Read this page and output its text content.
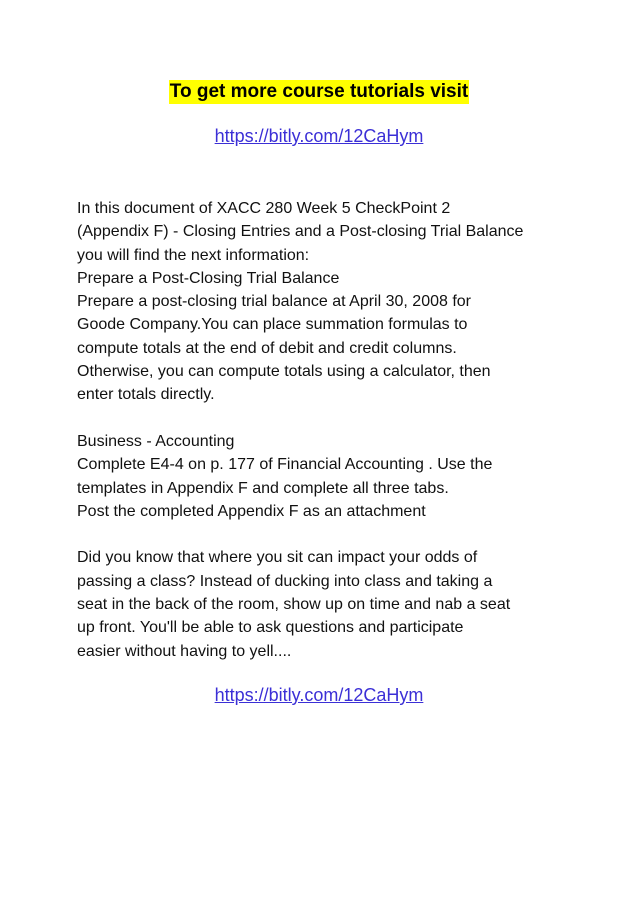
To get more course tutorials visit
https://bitly.com/12CaHym
In this document of XACC 280 Week 5 CheckPoint 2
(Appendix F) - Closing Entries and a Post-closing Trial Balance
you will find the next information:
Prepare a Post-Closing Trial Balance
Prepare a post-closing trial balance at April 30, 2008 for
Goode Company.You can place summation formulas to
compute totals at the end of debit and credit columns.
Otherwise, you can compute totals using a calculator, then
enter totals directly.
Business - Accounting
Complete E4-4 on p. 177 of Financial Accounting . Use the
templates in Appendix F and complete all three tabs.
Post the completed Appendix F as an attachment
Did you know that where you sit can impact your odds of
passing a class? Instead of ducking into class and taking a
seat in the back of the room, show up on time and nab a seat
up front. You'll be able to ask questions and participate
easier without having to yell....
https://bitly.com/12CaHym
